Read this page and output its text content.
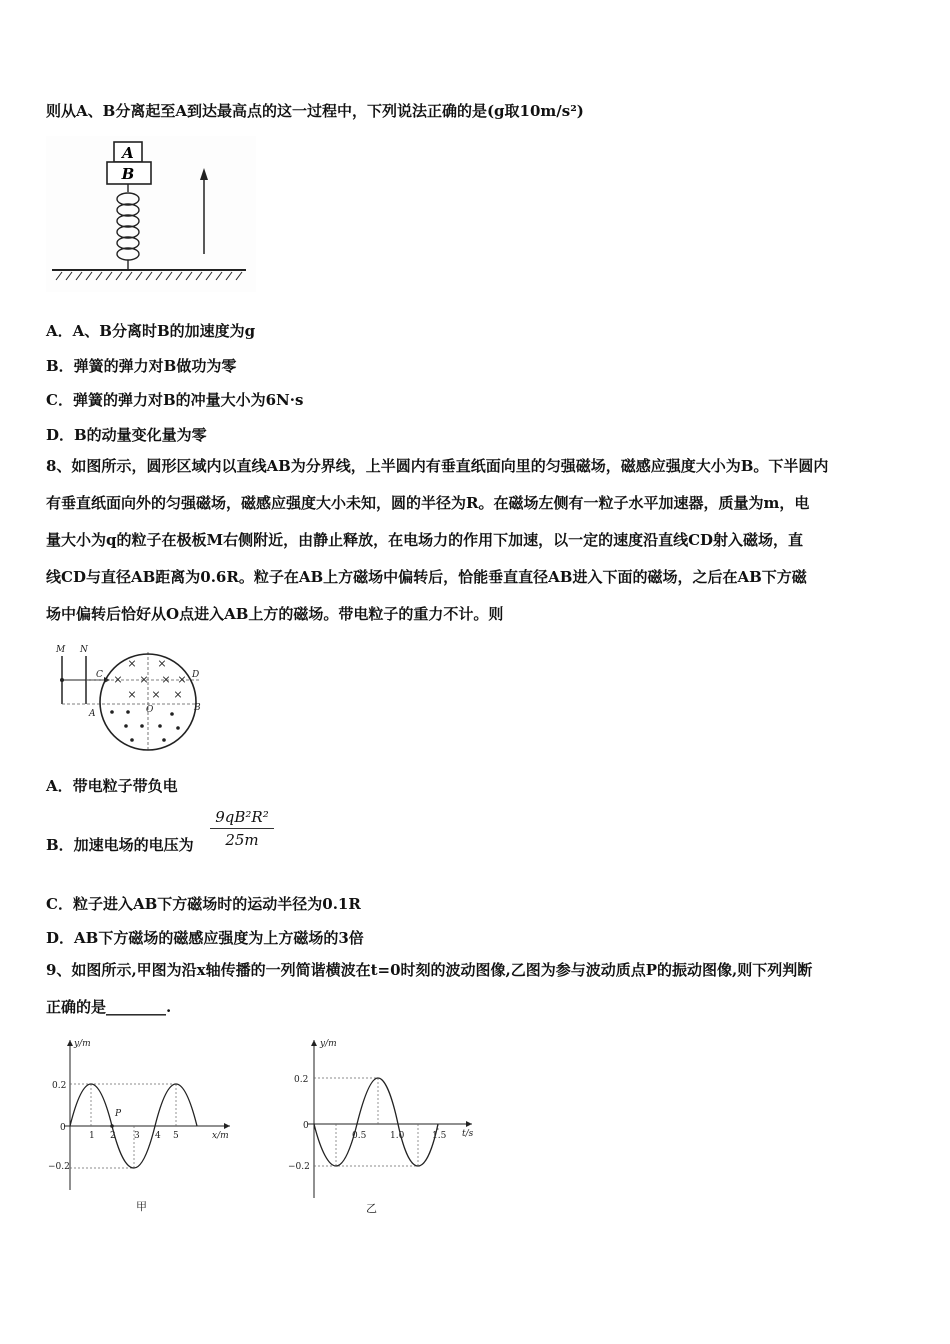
则从A、B分离起至A到达最高点的这一过程中，下列说法正确的是(g取10m/s²)
A
B
A．A、B分离时B的加速度为g
B．弹簧的弹力对B做功为零
C．弹簧的弹力对B的冲量大小为6N·s
D．B的动量变化量为零
8、如图所示，圆形区域内以直线AB为分界线，上半圆内有垂直纸面向里的匀强磁场，磁感应强度大小为B。下半圆内
有垂直纸面向外的匀强磁场，磁感应强度大小未知，圆的半径为R。在磁场左侧有一粒子水平加速器，质量为m，电
量大小为q的粒子在极板M右侧附近，由静止释放，在电场力的作用下加速，以一定的速度沿直线CD射入磁场，直
线CD与直径AB距离为0.6R。粒子在AB上方磁场中偏转后，恰能垂直直径AB进入下面的磁场，之后在AB下方磁
场中偏转后恰好从O点进入AB上方的磁场。带电粒子的重力不计。则
M N
C	D
A
B
O
× ×
× × × ×
× × ×
A．带电粒子带负电
B．加速电场的电压为 $\frac{\text{9qB²R²}}{25m}$
C．粒子进入AB下方磁场时的运动半径为0.1R
D．AB下方磁场的磁感应强度为上方磁场的3倍
9、如图所示,甲图为沿x轴传播的一列简谐横波在t=0时刻的波动图像,乙图为参与波动质点P的振动图像,则下列判断
正确的是________.
y/m
x/m
0.2
0
−0.2
1 2 3 4 5
P
甲
y/m
t/s
0.2
0
−0.2
0.5	1.0	1.5
乙
